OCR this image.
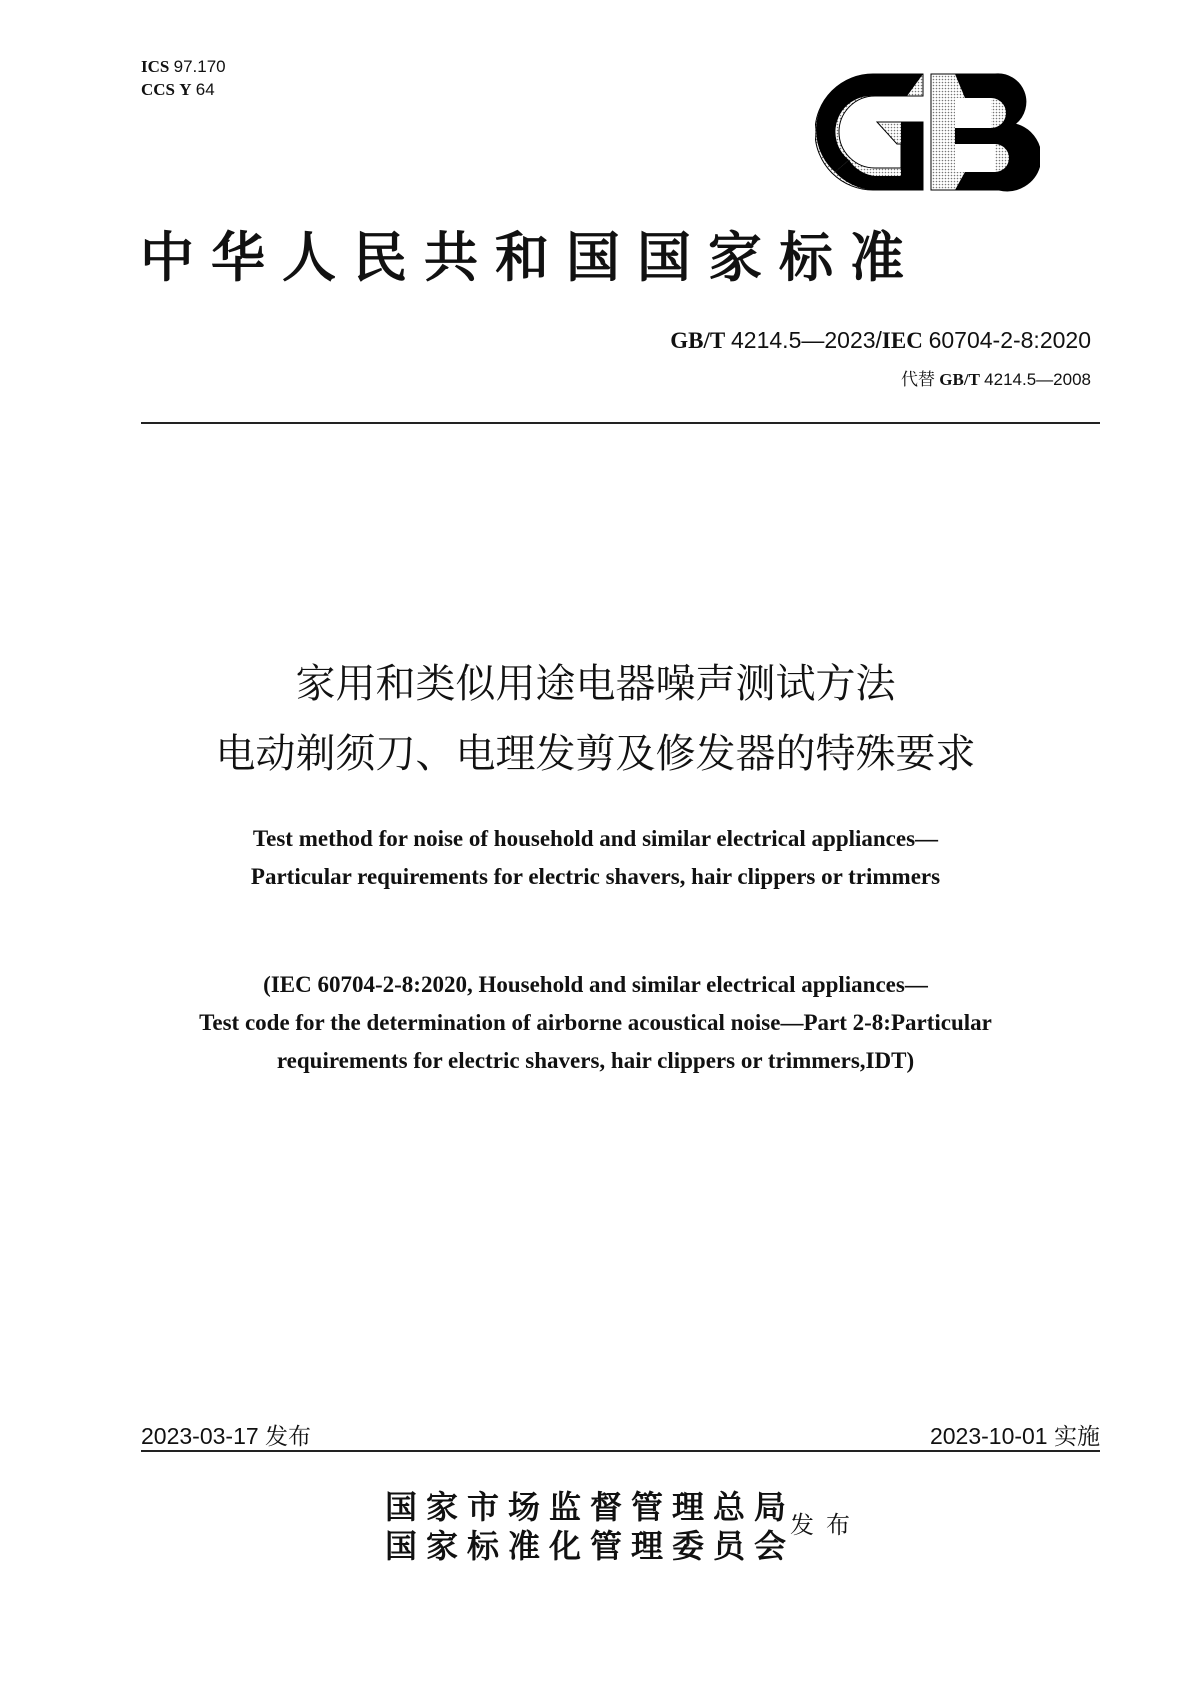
ICS 97.170
CCS Y 64
中华人民共和国国家标准
GB/T 4214.5—2023/IEC 60704-2-8:2020
代替 GB/T 4214.5—2008
家用和类似用途电器噪声测试方法
电动剃须刀、电理发剪及修发器的特殊要求
Test method for noise of household and similar electrical appliances—
Particular requirements for electric shavers, hair clippers or trimmers
(IEC 60704-2-8:2020, Household and similar electrical appliances—
Test code for the determination of airborne acoustical noise—Part 2-8:Particular
requirements for electric shavers, hair clippers or trimmers,IDT)
2023-03-17 发布	2023-10-01 实施
国家市场监督管理总局
国家标准化管理委员会
发布
